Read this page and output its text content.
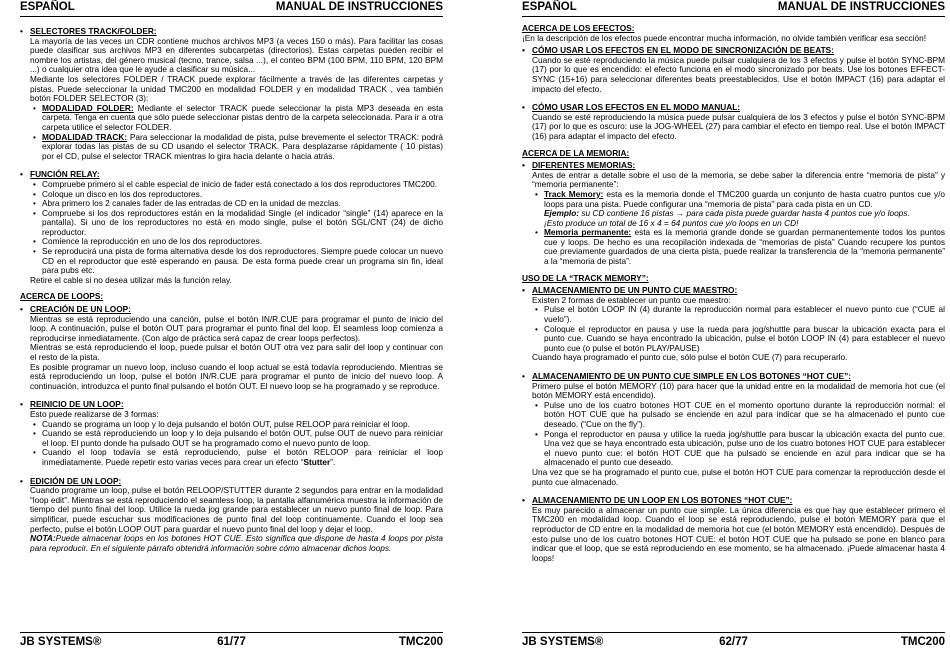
ESPAÑOL	MANUAL DE INSTRUCCIONES
• SELECTORES TRACK/FOLDER:
La mayoría de las veces un CDR contiene muchos archivos MP3 (a veces 150 o más). Para facilitar las cosas puede clasificar sus archivos MP3 en diferentes subcarpetas (directorios). Estas carpetas pueden recibir el nombre los artistas, del género musical (tecno, trance, salsa ...), el conteo BPM (100 BPM, 110 BPM, 120 BPM ...) o cualquier otra idea que le ayude a clasificar su música...
Mediante los selectores FOLDER / TRACK puede explorar fácilmente a través de las diferentes carpetas y pistas. Puede seleccionar la unidad TMC200 en modalidad FOLDER y en modalidad TRACK , vea también botón FOLDER SELECTOR (3):
• MODALIDAD FOLDER: Mediante el selector TRACK puede seleccionar la pista MP3 deseada en esta carpeta. Tenga en cuenta que sólo puede seleccionar pistas dentro de la carpeta seleccionada. Para ir a otra carpeta utilice el selector FOLDER.
• MODALIDAD TRACK: Para seleccionar la modalidad de pista, pulse brevemente el selector TRACK: podrá explorar todas las pistas de su CD usando el selector TRACK. Para desplazarse rápidamente ( 10 pistas) por el CD, pulse el selector TRACK mientras lo gira hacia delante o hacia atrás.
• FUNCIÓN RELAY:
• Compruebe primero si el cable especial de inicio de fader está conectado a los dos reproductores TMC200.
• Coloque un disco en los dos reproductores.
• Abra primero los 2 canales fader de las entradas de CD en la unidad de mezclas.
• Compruebe si los dos reproductores están en la modalidad Single (el indicador “single” (14) aparece en la pantalla). Si uno de los reproductores no está en modo single, pulse el botón SGL/CNT (24) de dicho reproductor.
• Comience la reproducción en uno de los dos reproductores.
• Se reproducirá una pista de forma alternativa desde los dos reproductores. Siempre puede colocar un nuevo CD en el reproductor que esté esperando en pausa. De esta forma puede crear un programa sin fin, ideal para pubs etc.
Retire el cable si no desea utilizar más la función relay.
ACERCA DE LOOPS:
• CREACIÓN DE UN LOOP:
Mientras se está reproduciendo una canción, pulse el botón IN/R.CUE para programar el punto de inicio del loop. A continuación, pulse el botón OUT para programar el punto final del loop. El seamless loop comienza a reproducirse inmediatamente. (Con algo de práctica será capaz de crear loops perfectos).
Mientras se está reproduciendo el loop, puede pulsar el botón OUT otra vez para salir del loop y continuar con el resto de la pista.
Es posible programar un nuevo loop, incluso cuando el loop actual se está todavía reproduciendo. Mientras se está reproduciendo un loop, pulse el botón IN/R.CUE para programar el punto de inicio del nuevo loop. A continuación, introduzca el punto final pulsando el botón OUT. El nuevo loop se ha programado y se reproduce.
• REINICIO DE UN LOOP:
Esto puede realizarse de 3 formas:
• Cuando se programa un loop y lo deja pulsando el botón OUT, pulse RELOOP para reiniciar el loop.
• Cuando se está reproduciendo un loop y lo deja pulsando el botón OUT, pulse OUT de nuevo para reiniciar el loop. El punto donde ha pulsado OUT se ha programado como el nuevo punto de loop.
• Cuando el loop todavía se está reproduciendo, pulse el botón RELOOP para reiniciar el loop inmediatamente. Puede repetir esto varias veces para crear un efecto “Stutter”.
• EDICIÓN DE UN LOOP:
Cuando programe un loop, pulse el botón RELOOP/STUTTER durante 2 segundos para entrar en la modalidad “loop edit”. Mientras se está reproduciendo el seamless loop, la pantalla alfanumérica muestra la información de tiempo del punto final del loop. Utilice la rueda jog grande para establecer un nuevo punto final de loop. Para simplificar, puede escuchar sus modificaciones de punto final del loop continuamente. Cuando el loop sea perfecto, pulse el botón LOOP OUT para guardar el nuevo punto final del loop y dejar el loop.
NOTA:Puede almacenar loops en los botones HOT CUE. Esto significa que dispone de hasta 4 loops por pista para reproducir. En el siguiente párrafo obtendrá información sobre cómo almacenar dichos loops.
JB SYSTEMS®	61/77	TMC200
ESPAÑOL	MANUAL DE INSTRUCCIONES
ACERCA DE LOS EFECTOS:
¡En la descripción de los efectos puede encontrar mucha información, no olvide también verificar esa sección!
• CÓMO USAR LOS EFECTOS EN EL MODO DE SINCRONIZACIÓN DE BEATS:
Cuando se esté reproduciendo la música puede pulsar cualquiera de los 3 efectos y pulse el botón SYNC-BPM (17) por lo que es encendido: el efecto funciona en el modo sincronizado por beats. Use los botones EFFECT-SYNC (15+16) para seleccionar diferentes beats preestablecidos. Use el botón IMPACT (16) para adaptar el impacto del efecto.
• CÓMO USAR LOS EFECTOS EN EL MODO MANUAL:
Cuando se esté reproduciendo la música puede pulsar cualquiera de los 3 efectos y pulse el botón SYNC-BPM (17) por lo que es oscuro: use la JOG-WHEEL (27) para cambiar el efecto en tiempo real. Use el botón IMPACT (16) para adaptar el impacto del efecto.
ACERCA DE LA MEMORIA:
• DIFERENTES MEMORIAS:
Antes de entrar a detalle sobre el uso de la memoria, se debe saber la diferencia entre “memoria de pista” y “memoria permanente”:
• Track Memory: esta es la memoria donde el TMC200 guarda un conjunto de hasta cuatro puntos cue y/o loops para una pista. Puede configurar una “memoria de pista” para cada pista en un CD.
Ejemplo: su CD contiene 16 pistas → para cada pista puede guardar hasta 4 puntos cue y/o loops.
¡Esto produce un total de 16 x 4 = 64 puntos cue y/o loops en un CD!
• Memoria permanente: esta es la memoria grande donde se guardan permanentemente todos los puntos cue y loops. De hecho es una recopilación indexada de “memorias de pista” Cuando recupere los puntos cue previamente guardados de una cierta pista, puede realizar la transferencia de la “memoria permanente” a la “memoria de pista”.
USO DE LA “TRACK MEMORY”:
• ALMACENAMIENTO DE UN PUNTO CUE MAESTRO:
Existen 2 formas de establecer un punto cue maestro:
• Pulse el botón LOOP IN (4) durante la reproducción normal para establecer el nuevo punto cue (“CUE al vuelo”).
• Coloque el reproductor en pausa y use la rueda para jog/shuttle para buscar la ubicación exacta para el punto cue. Cuando se haya encontrado la ubicación, pulse el botón LOOP IN (4) para establecer el nuevo punto cue (o pulse el botón PLAY/PAUSE)
Cuando haya programado el punto cue, sólo pulse el botón CUE (7) para recuperarlo.
• ALMACENAMIENTO DE UN PUNTO CUE SIMPLE EN LOS BOTONES “HOT CUE”:
Primero pulse el botón MEMORY (10) para hacer que la unidad entre en la modalidad de memoria hot cue (el botón MEMORY está encendido).
• Pulse uno de los cuatro botones HOT CUE en el momento oportuno durante la reproducción normal: el botón HOT CUE que ha pulsado se enciende en azul para indicar que se ha almacenado el punto cue deseado. (“Cue on the fly”).
• Ponga el reproductor en pausa y utilice la rueda jog/shuttle para buscar la ubicación exacta del punto cue. Una vez que se haya encontrado esta ubicación, pulse uno de los cuatro botones HOT CUE para establecer el nuevo punto cue: el botón HOT CUE que ha pulsado se enciende en azul para indicar que se ha almacenado el punto cue deseado.
Una vez que se ha programado el punto cue, pulse el botón HOT CUE para comenzar la reproducción desde el punto cue almacenado.
• ALMACENAMIENTO DE UN LOOP EN LOS BOTONES “HOT CUE”:
Es muy parecido a almacenar un punto cue simple. La única diferencia es que hay que establecer primero el TMC200 en modalidad loop. Cuando el loop se está reproduciendo, pulse el botón MEMORY para que el reproductor de CD entre en la modalidad de memoria hot cue (el botón MEMORY está encendido). Después de esto pulse uno de los cuatro botones HOT CUE: el botón HOT CUE que ha pulsado se pone en blanco para indicar que el loop, que se está reproduciendo en ese momento, se ha almacenado. ¡Puede almacenar hasta 4 loops!
JB SYSTEMS®	62/77	TMC200
